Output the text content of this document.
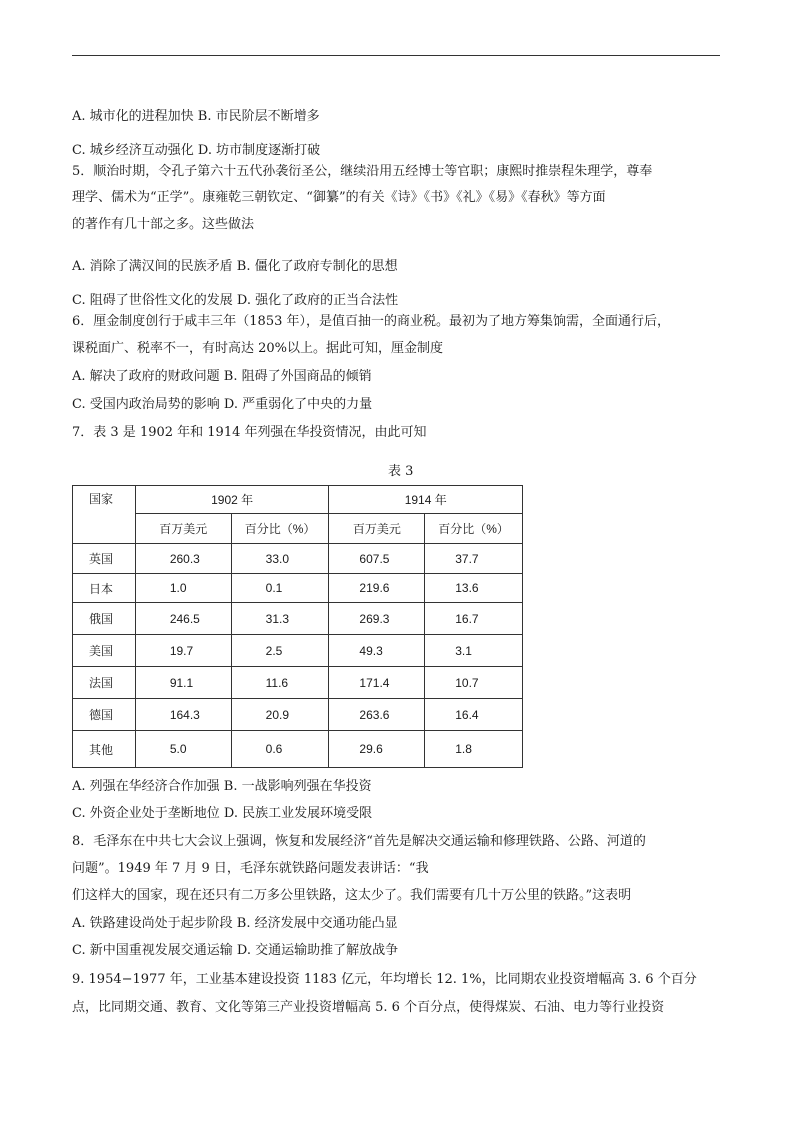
A. 城市化的进程加快 B. 市民阶层不断增多
C. 城乡经济互动强化 D. 坊市制度逐渐打破
5．顺治时期，令孔子第六十五代孙袭衍圣公，继续沿用五经博士等官职；康熙时推崇程朱理学，尊奉
理学、儒术为“正学”。康雍乾三朝钦定、“御纂”的有关《诗》《书》《礼》《易》《春秋》等方面
的著作有几十部之多。这些做法
A. 消除了满汉间的民族矛盾 B. 僵化了政府专制化的思想
C. 阻碍了世俗性文化的发展 D. 强化了政府的正当合法性
6．厘金制度创行于咸丰三年（1853 年），是值百抽一的商业税。最初为了地方筹集饷需，全面通行后，
课税面广、税率不一，有时高达 20%以上。据此可知，厘金制度
A. 解决了政府的财政问题 B. 阻碍了外国商品的倾销
C. 受国内政治局势的影响 D. 严重弱化了中央的力量
7．表 3 是 1902 年和 1914 年列强在华投资情况，由此可知
表 3
国家	1902 年		1914 年	
	百万美元	百分比（%）	百万美元	百分比（%）
英国	260.3	33.0	607.5	37.7
日本	1.0	0.1	219.6	13.6
俄国	246.5	31.3	269.3	16.7
美国	19.7	2.5	49.3	3.1
法国	91.1	11.6	171.4	10.7
德国	164.3	20.9	263.6	16.4
其他	5.0	0.6	29.6	1.8
A. 列强在华经济合作加强 B. 一战影响列强在华投资
C. 外资企业处于垄断地位 D. 民族工业发展环境受限
8．毛泽东在中共七大会议上强调，恢复和发展经济“首先是解决交通运输和修理铁路、公路、河道的
问题”。1949 年 7 月 9 日，毛泽东就铁路问题发表讲话：“我
们这样大的国家，现在还只有二万多公里铁路，这太少了。我们需要有几十万公里的铁路。”这表明
A. 铁路建设尚处于起步阶段 B. 经济发展中交通功能凸显
C. 新中国重视发展交通运输 D. 交通运输助推了解放战争
9. 1954−1977 年，工业基本建设投资 1183 亿元，年均增长 12. 1%，比同期农业投资增幅高 3. 6 个百分
点，比同期交通、教育、文化等第三产业投资增幅高 5. 6 个百分点，使得煤炭、石油、电力等行业投资
